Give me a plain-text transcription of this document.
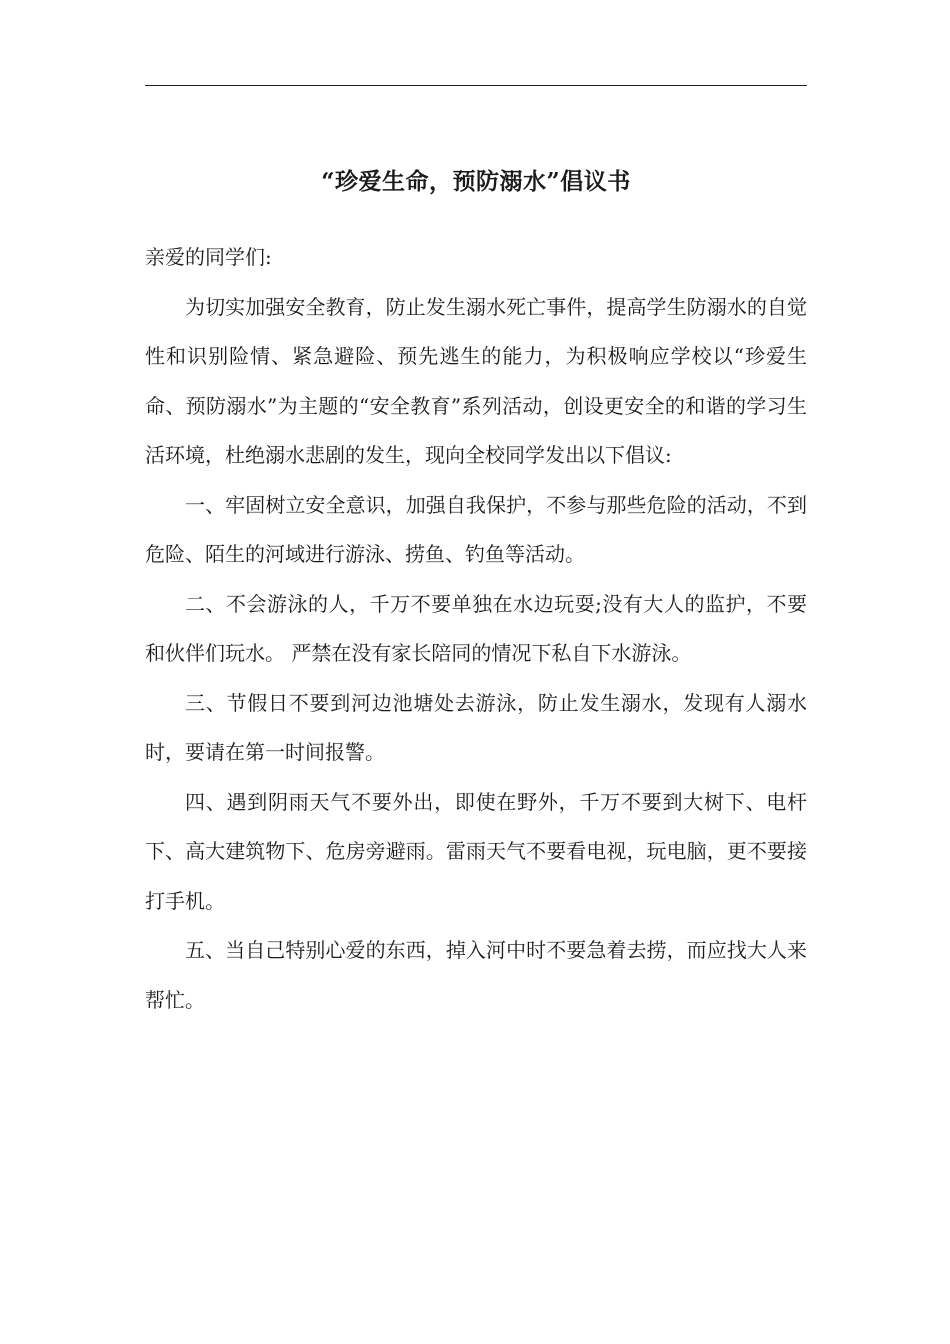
“珍爱生命，预防溺水”倡议书

亲爱的同学们:

为切实加强安全教育，防止发生溺水死亡事件，提高学生防溺水的自觉性和识别险情、紧急避险、预先逃生的能力，为积极响应学校以“珍爱生命、预防溺水”为主题的“安全教育”系列活动，创设更安全的和谐的学习生活环境，杜绝溺水悲剧的发生，现向全校同学发出以下倡议:

一、牢固树立安全意识，加强自我保护，不参与那些危险的活动，不到危险、陌生的河域进行游泳、捞鱼、钓鱼等活动。

二、不会游泳的人，千万不要单独在水边玩耍;没有大人的监护，不要和伙伴们玩水。 严禁在没有家长陪同的情况下私自下水游泳。

三、节假日不要到河边池塘处去游泳，防止发生溺水，发现有人溺水时，要请在第一时间报警。

四、遇到阴雨天气不要外出，即使在野外，千万不要到大树下、电杆下、高大建筑物下、危房旁避雨。雷雨天气不要看电视，玩电脑，更不要接打手机。

五、当自己特别心爱的东西，掉入河中时不要急着去捞，而应找大人来帮忙。
